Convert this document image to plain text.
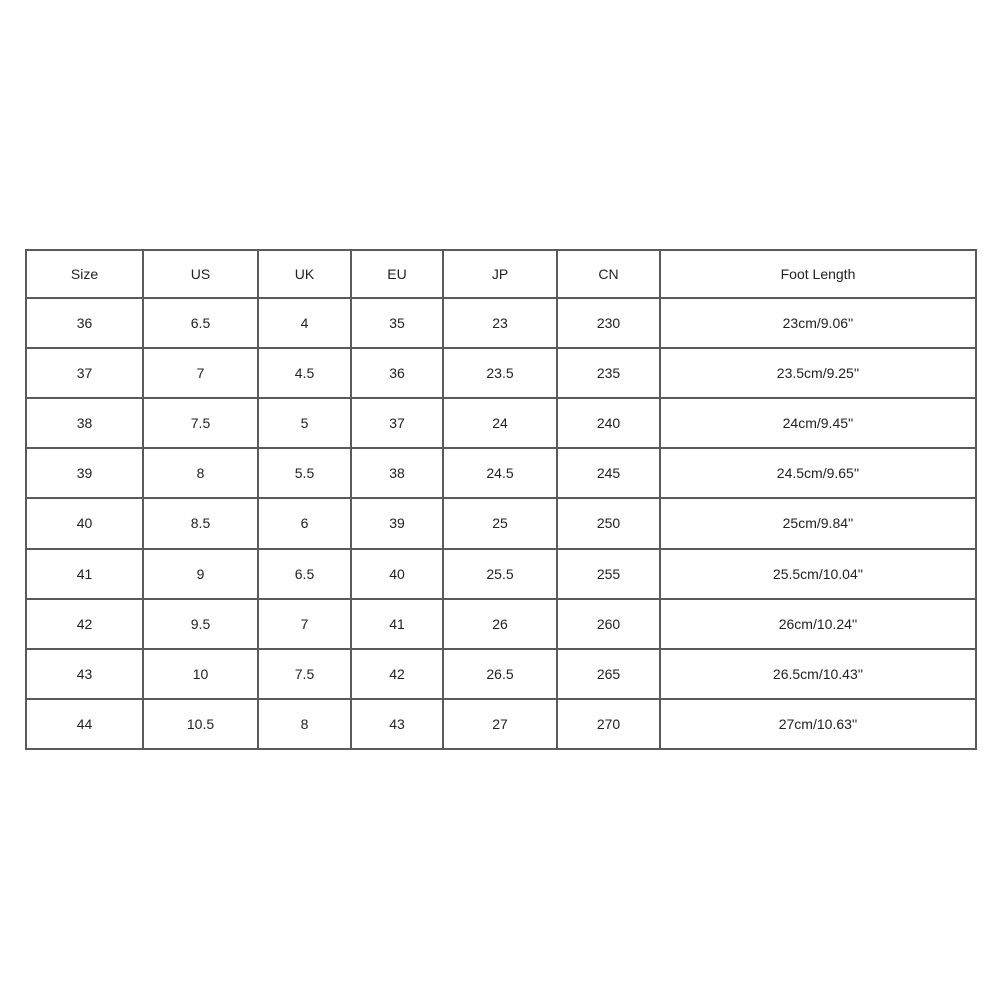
Size	US	UK	EU	JP	CN	Foot Length
36	6.5	4	35	23	230	23cm/9.06''
37	7	4.5	36	23.5	235	23.5cm/9.25''
38	7.5	5	37	24	240	24cm/9.45''
39	8	5.5	38	24.5	245	24.5cm/9.65''
40	8.5	6	39	25	250	25cm/9.84''
41	9	6.5	40	25.5	255	25.5cm/10.04''
42	9.5	7	41	26	260	26cm/10.24''
43	10	7.5	42	26.5	265	26.5cm/10.43''
44	10.5	8	43	27	270	27cm/10.63''
